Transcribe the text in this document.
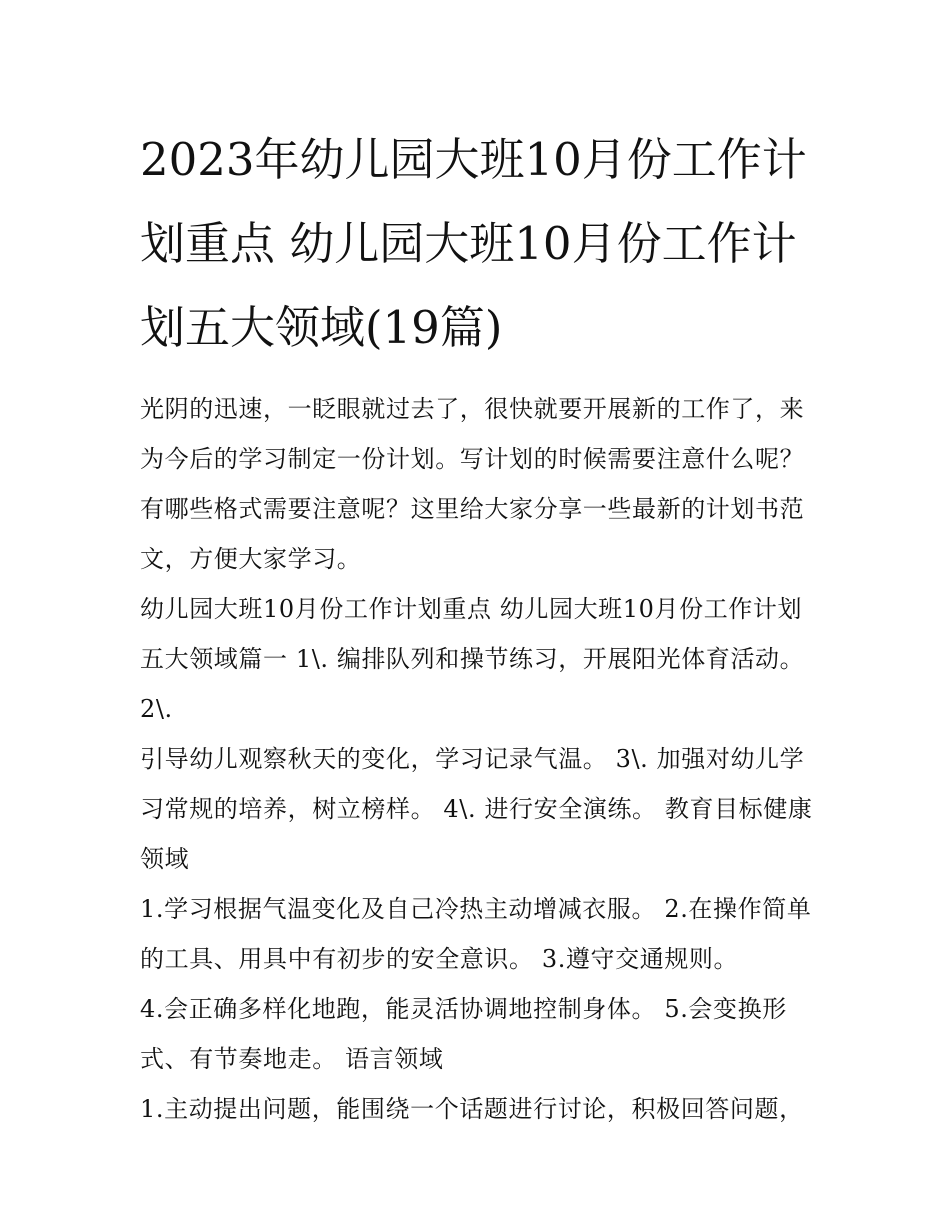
2023年幼儿园大班10月份工作计划重点 幼儿园大班10月份工作计划五大领域(19篇)

光阴的迅速，一眨眼就过去了，很快就要开展新的工作了，来为今后的学习制定一份计划。写计划的时候需要注意什么呢？有哪些格式需要注意呢？这里给大家分享一些最新的计划书范文，方便大家学习。

幼儿园大班10月份工作计划重点 幼儿园大班10月份工作计划五大领域篇一 1\. 编排队列和操节练习，开展阳光体育活动。 2\.

引导幼儿观察秋天的变化，学习记录气温。 3\. 加强对幼儿学习常规的培养，树立榜样。 4\. 进行安全演练。 教育目标健康领域

1.学习根据气温变化及自己冷热主动增减衣服。 2.在操作简单的工具、用具中有初步的安全意识。 3.遵守交通规则。

4.会正确多样化地跑，能灵活协调地控制身体。 5.会变换形式、有节奏地走。 语言领域

1.主动提出问题，能围绕一个话题进行讨论，积极回答问题，
